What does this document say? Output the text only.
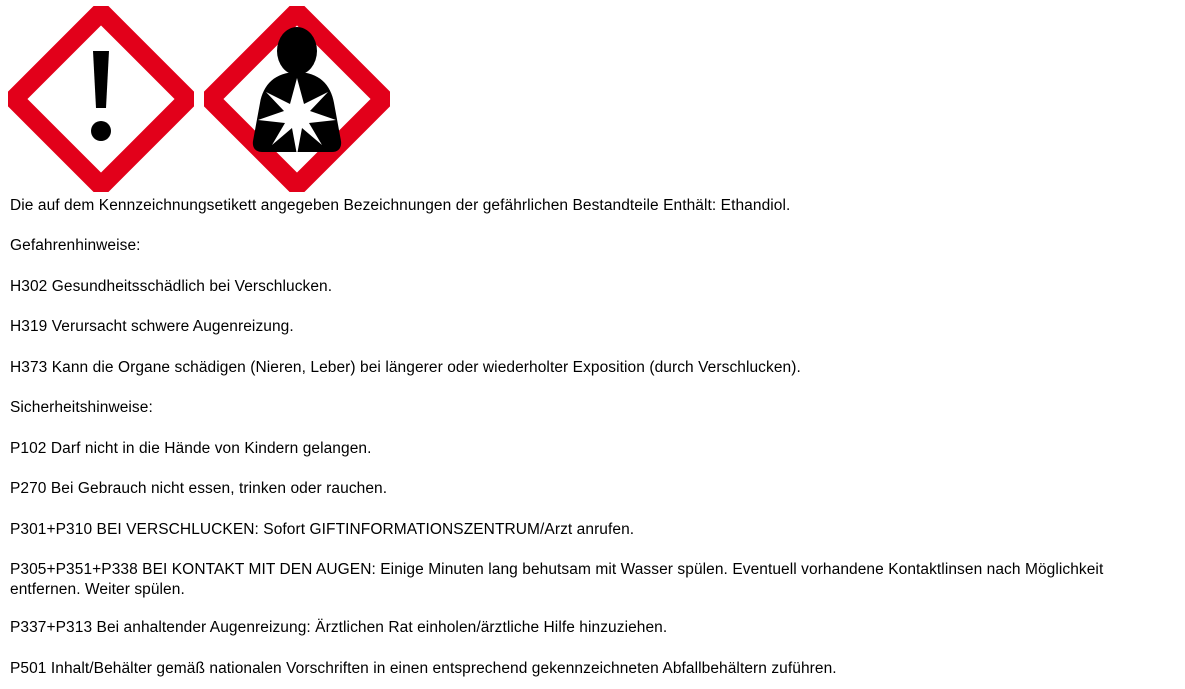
Die auf dem Kennzeichnungsetikett angegeben Bezeichnungen der gefährlichen Bestandteile Enthält: Ethandiol.

Gefahrenhinweise:

H302 Gesundheitsschädlich bei Verschlucken.

H319 Verursacht schwere Augenreizung.

H373 Kann die Organe schädigen (Nieren, Leber) bei längerer oder wiederholter Exposition (durch Verschlucken).

Sicherheitshinweise:

P102 Darf nicht in die Hände von Kindern gelangen.

P270 Bei Gebrauch nicht essen, trinken oder rauchen.

P301+P310 BEI VERSCHLUCKEN: Sofort GIFTINFORMATIONSZENTRUM/Arzt anrufen.

P305+P351+P338 BEI KONTAKT MIT DEN AUGEN: Einige Minuten lang behutsam mit Wasser spülen. Eventuell vorhandene Kontaktlinsen nach Möglichkeit entfernen. Weiter spülen.

P337+P313 Bei anhaltender Augenreizung: Ärztlichen Rat einholen/ärztliche Hilfe hinzuziehen.

P501 Inhalt/Behälter gemäß nationalen Vorschriften in einen entsprechend gekennzeichneten Abfallbehältern zuführen.
